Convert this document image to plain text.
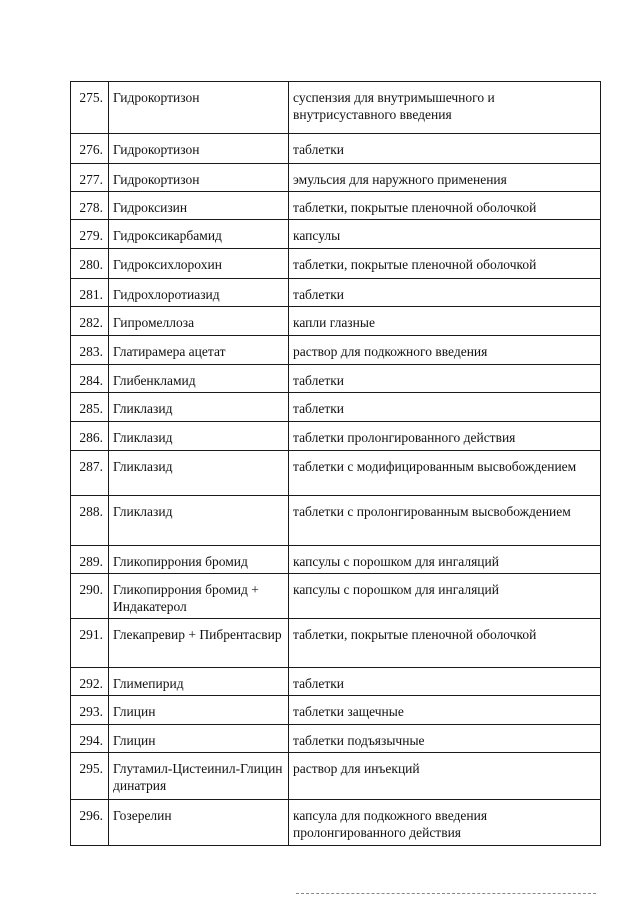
275.	Гидрокортизон	суспензия для внутримышечного и внутрисуставного введения
276.	Гидрокортизон	таблетки
277.	Гидрокортизон	эмульсия для наружного применения
278.	Гидроксизин	таблетки, покрытые пленочной оболочкой
279.	Гидроксикарбамид	капсулы
280.	Гидроксихлорохин	таблетки, покрытые пленочной оболочкой
281.	Гидрохлоротиазид	таблетки
282.	Гипромеллоза	капли глазные
283.	Глатирамера ацетат	раствор для подкожного введения
284.	Глибенкламид	таблетки
285.	Гликлазид	таблетки
286.	Гликлазид	таблетки пролонгированного действия
287.	Гликлазид	таблетки с модифицированным высвобождением
288.	Гликлазид	таблетки с пролонгированным высвобождением
289.	Гликопиррония бромид	капсулы с порошком для ингаляций
290.	Гликопиррония бромид + Индакатерол	капсулы с порошком для ингаляций
291.	Глекапревир + Пибрентасвир	таблетки, покрытые пленочной оболочкой
292.	Глимепирид	таблетки
293.	Глицин	таблетки защечные
294.	Глицин	таблетки подъязычные
295.	Глутамил-Цистеинил-Глицин динатрия	раствор для инъекций
296.	Гозерелин	капсула для подкожного введения пролонгированного действия
